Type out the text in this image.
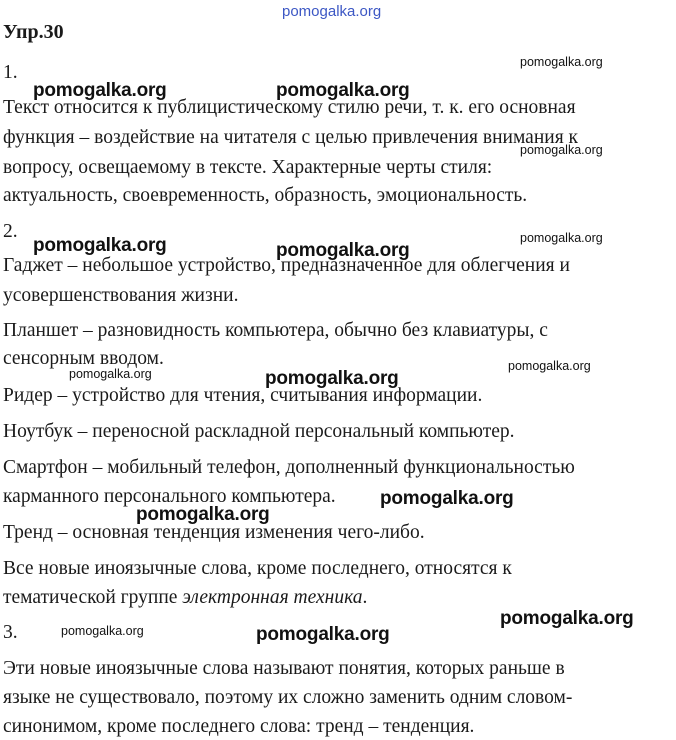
pomogalka.org
Упр.30
1.
Текст относится к публицистическому стилю речи, т. к. его основная
функция – воздействие на читателя с целью привлечения внимания к
вопросу, освещаемому в тексте. Характерные черты стиля:
актуальность, своевременность, образность, эмоциональность.
2.
Гаджет – небольшое устройство, предназначенное для облегчения и
усовершенствования жизни.
Планшет – разновидность компьютера, обычно без клавиатуры, с
сенсорным вводом.
Ридер – устройство для чтения, считывания информации.
Ноутбук – переносной раскладной персональный компьютер.
Смартфон – мобильный телефон, дополненный функциональностью
карманного персонального компьютера.
Тренд – основная тенденция изменения чего-либо.
Все новые иноязычные слова, кроме последнего, относятся к
тематической группе электронная техника.
3.
Эти новые иноязычные слова называют понятия, которых раньше в
языке не существовало, поэтому их сложно заменить одним словом-
синонимом, кроме последнего слова: тренд – тенденция.
pomogalka.org	pomogalka.org
pomogalka.org
pomogalka.org
pomogalka.org	pomogalka.org
pomogalka.org
pomogalka.org	pomogalka.org
pomogalka.org
pomogalka.org
pomogalka.org
pomogalka.org
pomogalka.org	pomogalka.org
